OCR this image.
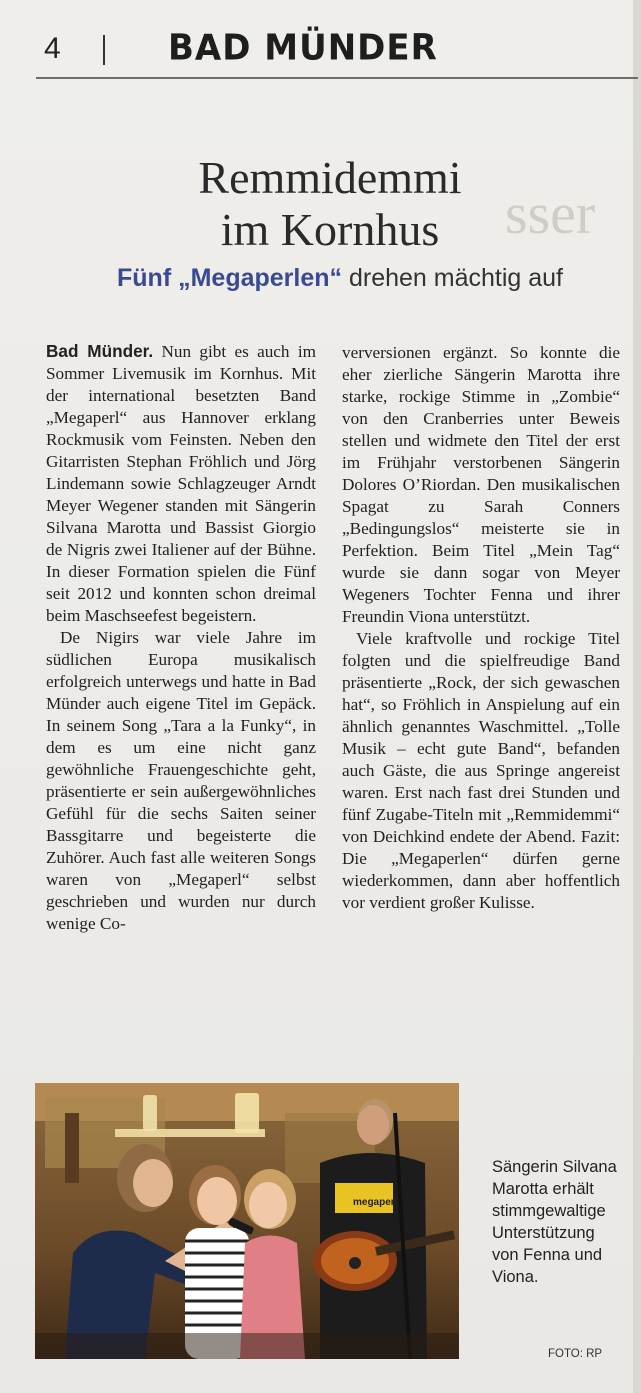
sser
4	BAD MÜNDER
Remmidemmi
im Kornhus
Fünf „Megaperlen“ drehen mächtig auf

Bad Münder. Nun gibt es auch im Sommer Livemusik im Kornhus. Mit der international besetzten Band „Megaperl“ aus Hannover erklang Rockmusik vom Feinsten. Neben den Gitarristen Stephan Fröhlich und Jörg Lindemann sowie Schlagzeuger Arndt Meyer Wegener standen mit Sängerin Silvana Marotta und Bassist Giorgio de Nigris zwei Italiener auf der Bühne. In dieser Formation spielen die Fünf seit 2012 und konnten schon dreimal beim Maschseefest begeistern.

De Nigirs war viele Jahre im südlichen Europa musikalisch erfolgreich unterwegs und hatte in Bad Münder auch eigene Titel im Gepäck. In seinem Song „Tara a la Funky“, in dem es um eine nicht ganz gewöhnliche Frauengeschichte geht, präsentierte er sein außergewöhnliches Gefühl für die sechs Saiten seiner Bassgitarre und begeisterte die Zuhörer. Auch fast alle weiteren Songs waren von „Megaperl“ selbst geschrieben und wurden nur durch wenige Co-

verversionen ergänzt. So konnte die eher zierliche Sängerin Marotta ihre starke, rockige Stimme in „Zombie“ von den Cranberries unter Beweis stellen und widmete den Titel der erst im Frühjahr verstorbenen Sängerin Dolores O’Riordan. Den musikalischen Spagat zu Sarah Conners „Bedingungslos“ meisterte sie in Perfektion. Beim Titel „Mein Tag“ wurde sie dann sogar von Meyer Wegeners Tochter Fenna und ihrer Freundin Viona unterstützt.

Viele kraftvolle und rockige Titel folgten und die spielfreudige Band präsentierte „Rock, der sich gewaschen hat“, so Fröhlich in Anspielung auf ein ähnlich genanntes Waschmittel. „Tolle Musik – echt gute Band“, befanden auch Gäste, die aus Springe angereist waren. Erst nach fast drei Stunden und fünf Zugabe-Titeln mit „Remmidemmi“ von Deichkind endete der Abend. Fazit: Die „Megaperlen“ dürfen gerne wiederkommen, dann aber hoffentlich vor verdient großer Kulisse.

megaperl
Sängerin Silvana Marotta erhält stimmgewaltige Unterstützung von Fenna und Viona.
FOTO: RP
